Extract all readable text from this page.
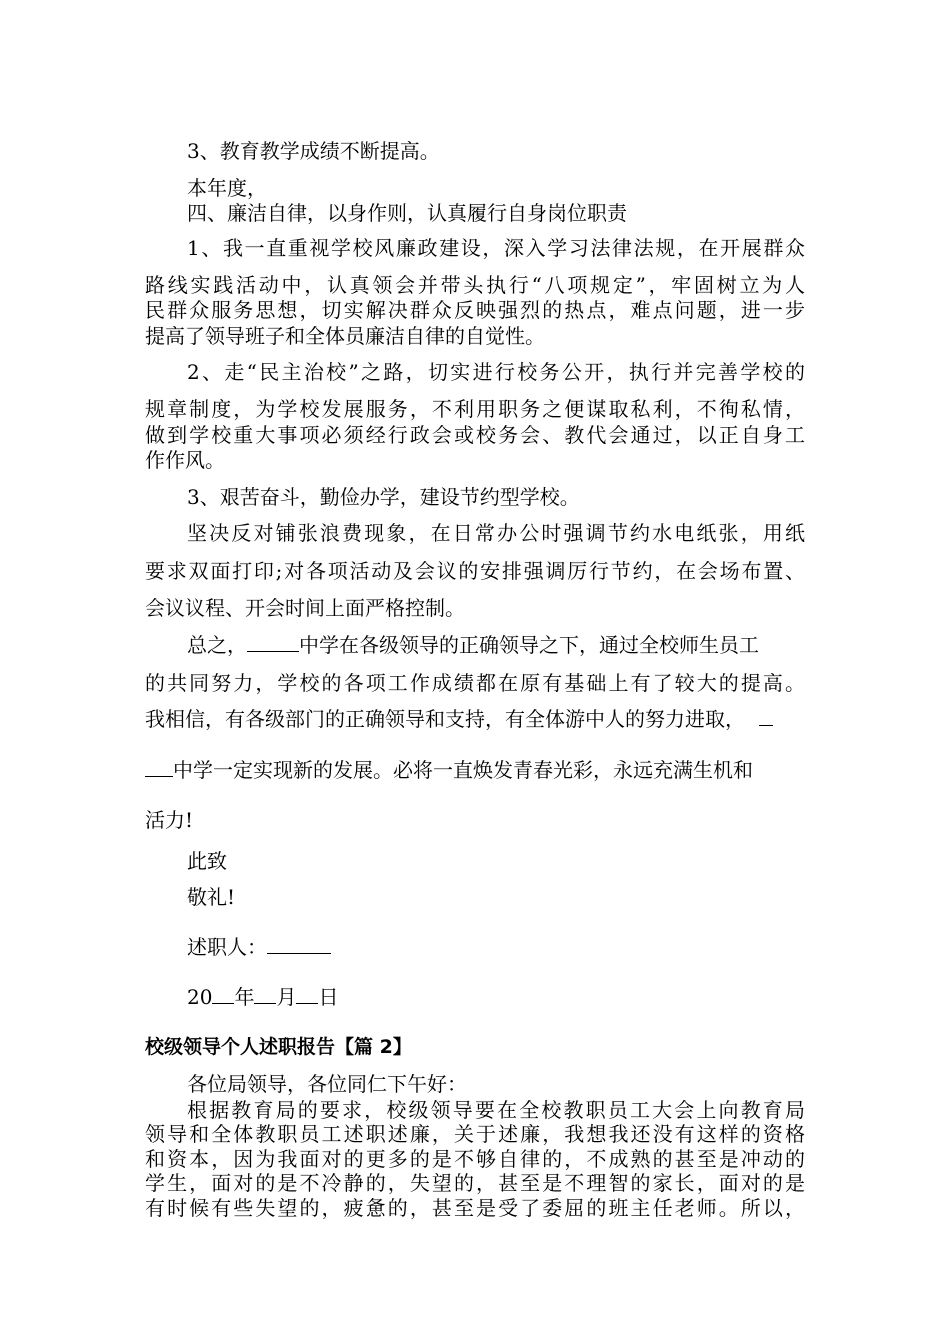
3、教育教学成绩不断提高。
本年度，
四、廉洁自律，以身作则，认真履行自身岗位职责
1、我一直重视学校风廉政建设，深入学习法律法规，在开展群众
路线实践活动中，认真领会并带头执行“八项规定”，牢固树立为人
民群众服务思想，切实解决群众反映强烈的热点，难点问题，进一步
提高了领导班子和全体员廉洁自律的自觉性。
2、走“民主治校”之路，切实进行校务公开，执行并完善学校的
规章制度，为学校发展服务，不利用职务之便谋取私利，不徇私情，
做到学校重大事项必须经行政会或校务会、教代会通过，以正自身工
作作风。
3、艰苦奋斗，勤俭办学，建设节约型学校。
坚决反对铺张浪费现象，在日常办公时强调节约水电纸张，用纸
要求双面打印;对各项活动及会议的安排强调厉行节约，在会场布置、
会议议程、开会时间上面严格控制。
总之，	中学在各级领导的正确领导之下，通过全校师生员工
的共同努力，学校的各项工作成绩都在原有基础上有了较大的提高。
我相信，有各级部门的正确领导和支持，有全体游中人的努力进取，
中学一定实现新的发展。必将一直焕发青春光彩，永远充满生机和
活力!
此致
敬礼!
述职人：
20 年 月 日
校级领导个人述职报告【篇 2】
各位局领导，各位同仁下午好：
根据教育局的要求，校级领导要在全校教职员工大会上向教育局
领导和全体教职员工述职述廉，关于述廉，我想我还没有这样的资格
和资本，因为我面对的更多的是不够自律的，不成熟的甚至是冲动的
学生，面对的是不冷静的，失望的，甚至是不理智的家长，面对的是
有时候有些失望的，疲惫的，甚至是受了委屈的班主任老师。所以，
